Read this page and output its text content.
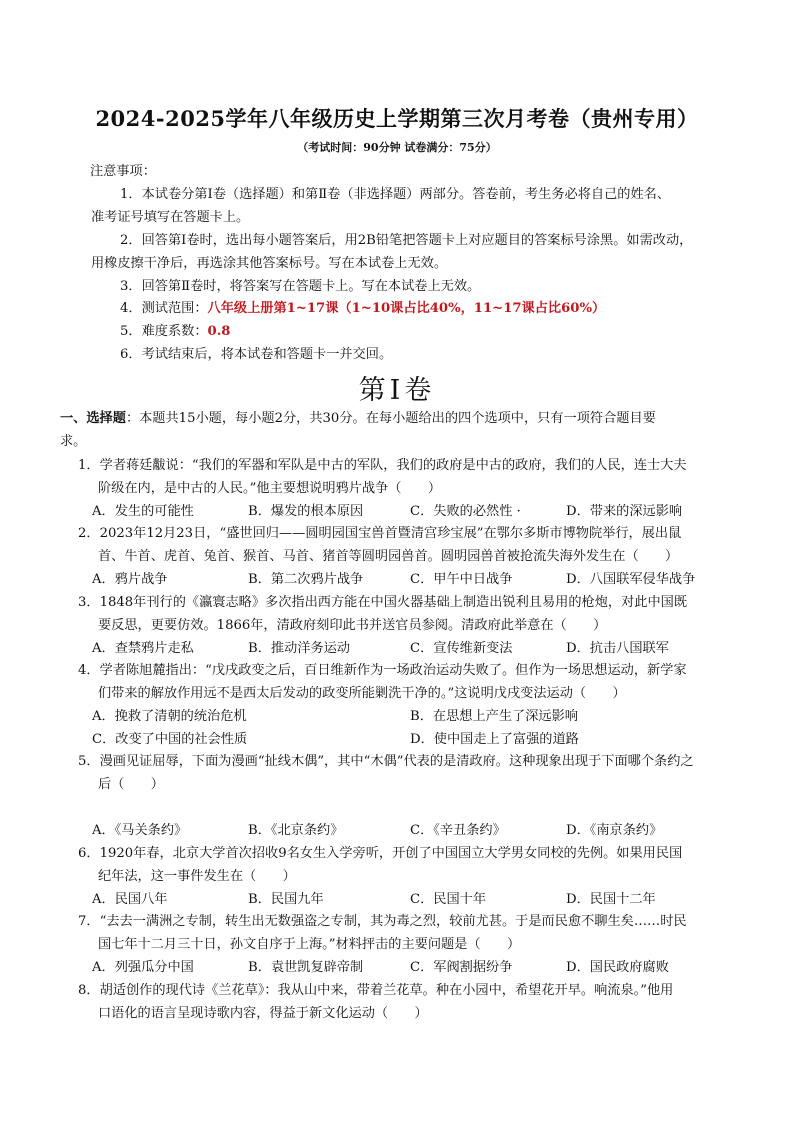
2024-2025学年八年级历史上学期第三次月考卷（贵州专用）
（考试时间：90分钟 试卷满分：75分）
注意事项：
1．本试卷分第Ⅰ卷（选择题）和第Ⅱ卷（非选择题）两部分。答卷前，考生务必将自己的姓名、
准考证号填写在答题卡上。
2．回答第Ⅰ卷时，选出每小题答案后，用2B铅笔把答题卡上对应题目的答案标号涂黑。如需改动，
用橡皮擦干净后，再选涂其他答案标号。写在本试卷上无效。
3．回答第Ⅱ卷时，将答案写在答题卡上。写在本试卷上无效。
4．测试范围：八年级上册第1~17课（1~10课占比40%，11~17课占比60%）
5．难度系数：0.8
6．考试结束后，将本试卷和答题卡一并交回。
第Ⅰ卷
一、选择题：本题共15小题，每小题2分，共30分。在每小题给出的四个选项中，只有一项符合题目要
求。
1．学者蒋廷黻说：“我们的军器和军队是中古的军队，我们的政府是中古的政府，我们的人民，连士大夫
阶级在内，是中古的人民。”他主要想说明鸦片战争（　　）
A．发生的可能性	B．爆发的根本原因	C．失败的必然性 ·	D．带来的深远影响
2．2023年12月23日，“盛世回归——圆明园国宝兽首暨清宫珍宝展”在鄂尔多斯市博物院举行，展出鼠
首、牛首、虎首、兔首、猴首、马首、猪首等圆明园兽首。圆明园兽首被抢流失海外发生在（　　）
A．鸦片战争	B．第二次鸦片战争	C．甲午中日战争	D．八国联军侵华战争
3．1848年刊行的《瀛寰志略》多次指出西方能在中国火器基础上制造出锐利且易用的枪炮，对此中国既
要反思，更要仿效。1866年，清政府刻印此书并送官员参阅。清政府此举意在（　　）
A．查禁鸦片走私	B．推动洋务运动	C．宣传维新变法	D．抗击八国联军
4．学者陈旭麓指出：“戊戌政变之后，百日维新作为一场政治运动失败了。但作为一场思想运动，新学家
们带来的解放作用远不是西太后发动的政变所能剿洗干净的。”这说明戊戌变法运动（　　）
A．挽救了清朝的统治危机	B．在思想上产生了深远影响
C．改变了中国的社会性质	D．使中国走上了富强的道路
5．漫画见证屈辱，下面为漫画“扯线木偶”，其中“木偶”代表的是清政府。这种现象出现于下面哪个条约之
后（　　）
A．《马关条约》	B．《北京条约》	C．《辛丑条约》	D．《南京条约》
6．1920年春，北京大学首次招收9名女生入学旁听，开创了中国国立大学男女同校的先例。如果用民国
纪年法，这一事件发生在（　　）
A．民国八年	B．民国九年	C．民国十年	D．民国十二年
7．“去去一满洲之专制，转生出无数强盗之专制，其为毒之烈，较前尤甚。于是而民愈不聊生矣……时民
国七年十二月三十日，孙文自序于上海。”材料抨击的主要问题是（　　）
A．列强瓜分中国	B．袁世凯复辟帝制	C．军阀割据纷争	D．国民政府腐败
8．胡适创作的现代诗《兰花草》：我从山中来，带着兰花草。种在小园中，希望花开早。响流泉。”他用
口语化的语言呈现诗歌内容，得益于新文化运动（　　）
